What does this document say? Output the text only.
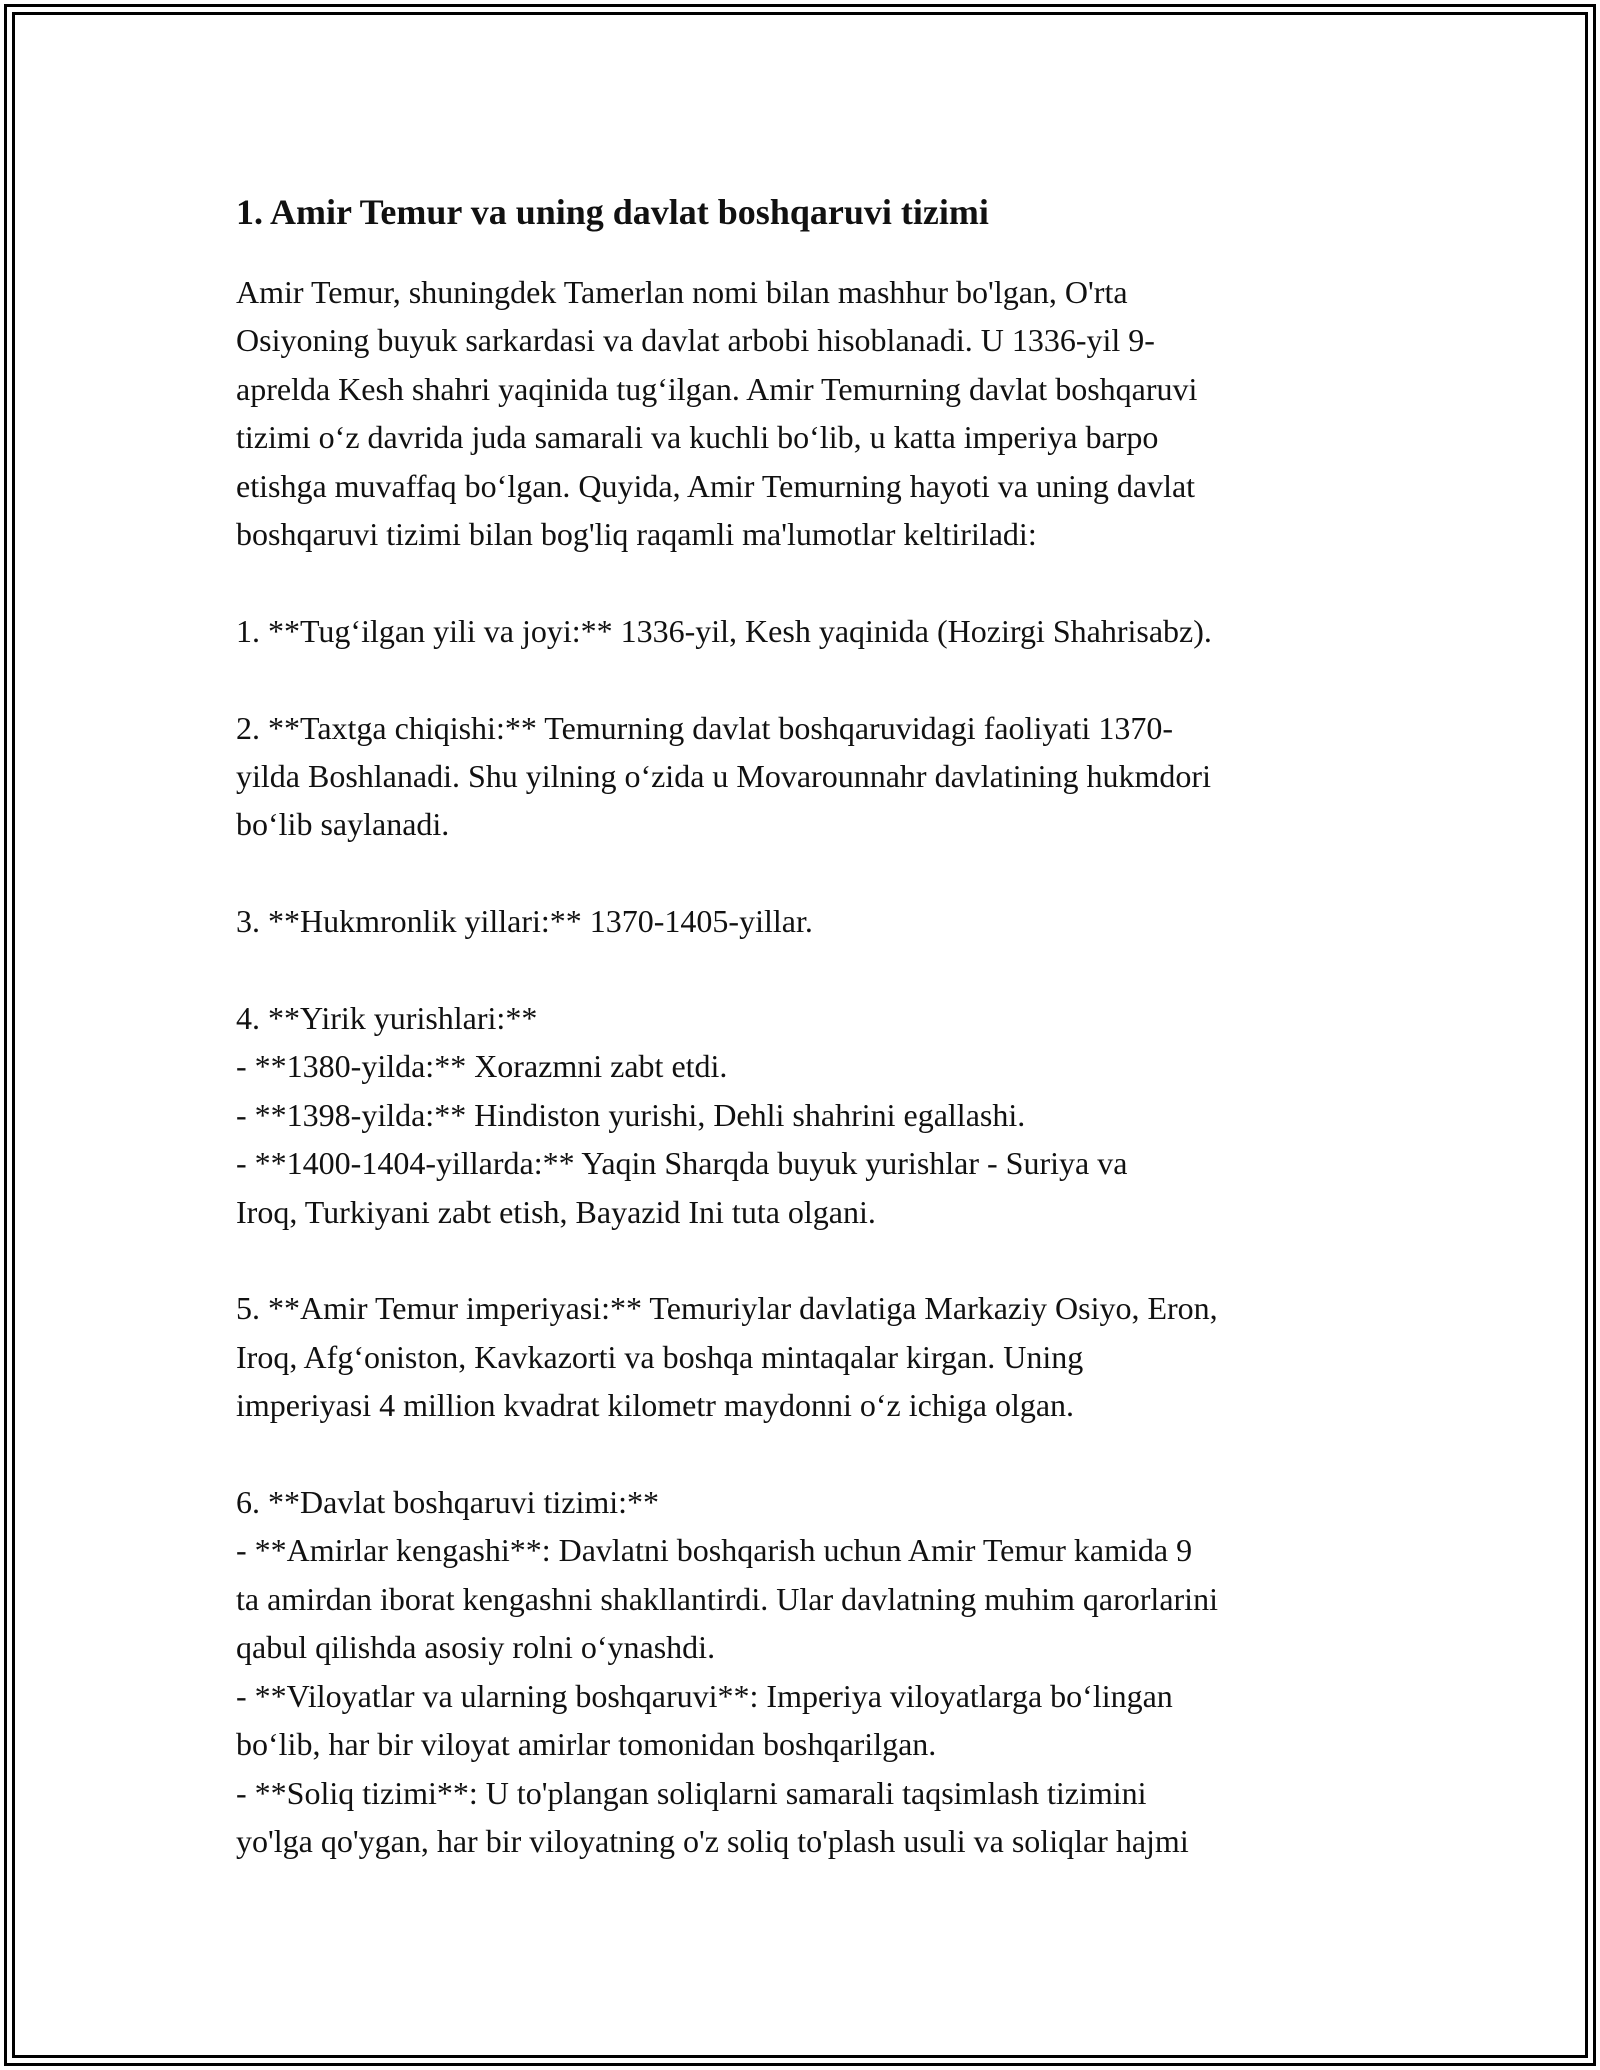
1. Amir Temur va uning davlat boshqaruvi tizimi

Amir Temur, shuningdek Tamerlan nomi bilan mashhur bo'lgan, O'rta
Osiyoning buyuk sarkardasi va davlat arbobi hisoblanadi. U 1336-yil 9-
aprelda Kesh shahri yaqinida tugʻilgan. Amir Temurning davlat boshqaruvi
tizimi oʻz davrida juda samarali va kuchli boʻlib, u katta imperiya barpo
etishga muvaffaq boʻlgan. Quyida, Amir Temurning hayoti va uning davlat
boshqaruvi tizimi bilan bog'liq raqamli ma'lumotlar keltiriladi:

1. **Tugʻilgan yili va joyi:** 1336-yil, Kesh yaqinida (Hozirgi Shahrisabz).

2. **Taxtga chiqishi:** Temurning davlat boshqaruvidagi faoliyati 1370-
yilda Boshlanadi. Shu yilning oʻzida u Movarounnahr davlatining hukmdori
boʻlib saylanadi.

3. **Hukmronlik yillari:** 1370-1405-yillar.

4. **Yirik yurishlari:**
- **1380-yilda:** Xorazmni zabt etdi.
- **1398-yilda:** Hindiston yurishi, Dehli shahrini egallashi.
- **1400-1404-yillarda:** Yaqin Sharqda buyuk yurishlar - Suriya va
Iroq, Turkiyani zabt etish, Bayazid Ini tuta olgani.

5. **Amir Temur imperiyasi:** Temuriylar davlatiga Markaziy Osiyo, Eron,
Iroq, Afgʻoniston, Kavkazorti va boshqa mintaqalar kirgan. Uning
imperiyasi 4 million kvadrat kilometr maydonni oʻz ichiga olgan.

6. **Davlat boshqaruvi tizimi:**
- **Amirlar kengashi**: Davlatni boshqarish uchun Amir Temur kamida 9
ta amirdan iborat kengashni shakllantirdi. Ular davlatning muhim qarorlarini
qabul qilishda asosiy rolni oʻynashdi.
- **Viloyatlar va ularning boshqaruvi**: Imperiya viloyatlarga boʻlingan
boʻlib, har bir viloyat amirlar tomonidan boshqarilgan.
- **Soliq tizimi**: U to'plangan soliqlarni samarali taqsimlash tizimini
yo'lga qo'ygan, har bir viloyatning o'z soliq to'plash usuli va soliqlar hajmi
